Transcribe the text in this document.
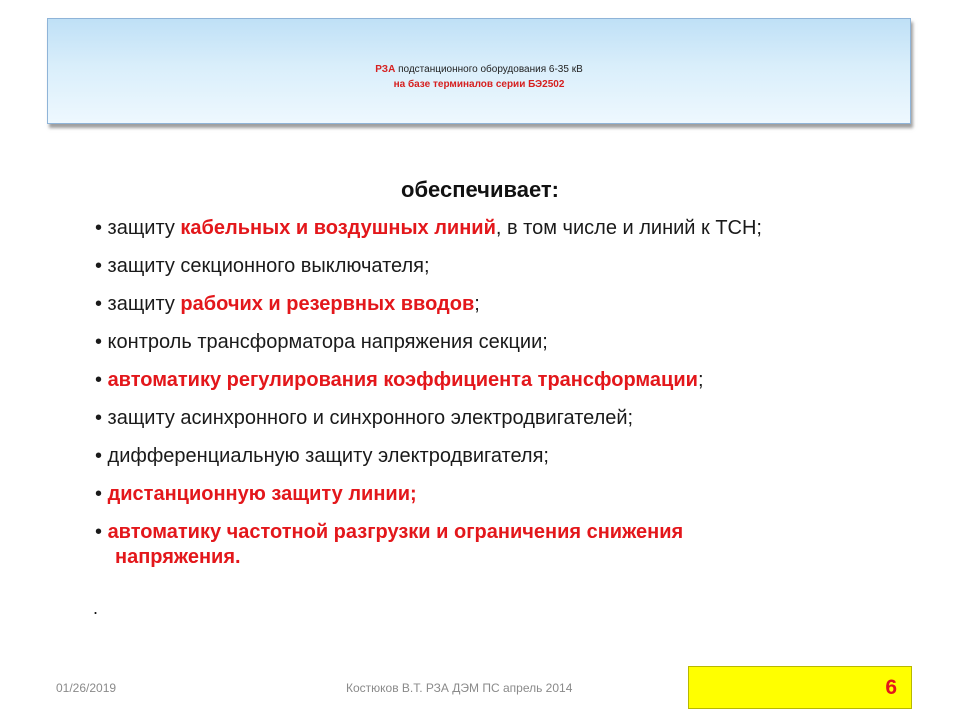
РЗА подстанционного оборудования 6-35 кВ
на базе терминалов серии БЭ2502
обеспечивает:
• защиту кабельных и воздушных линий, в том числе и линий к ТСН;
• защиту секционного выключателя;
• защиту рабочих и резервных вводов;
• контроль трансформатора напряжения секции;
• автоматику регулирования коэффициента трансформации;
• защиту асинхронного и синхронного электродвигателей;
• дифференциальную защиту электродвигателя;
• дистанционную защиту линии;
• автоматику частотной разгрузки и ограничения снижения
напряжения.
.
01/26/2019	Костюков В.Т. РЗА ДЭМ ПС апрель 2014	6
